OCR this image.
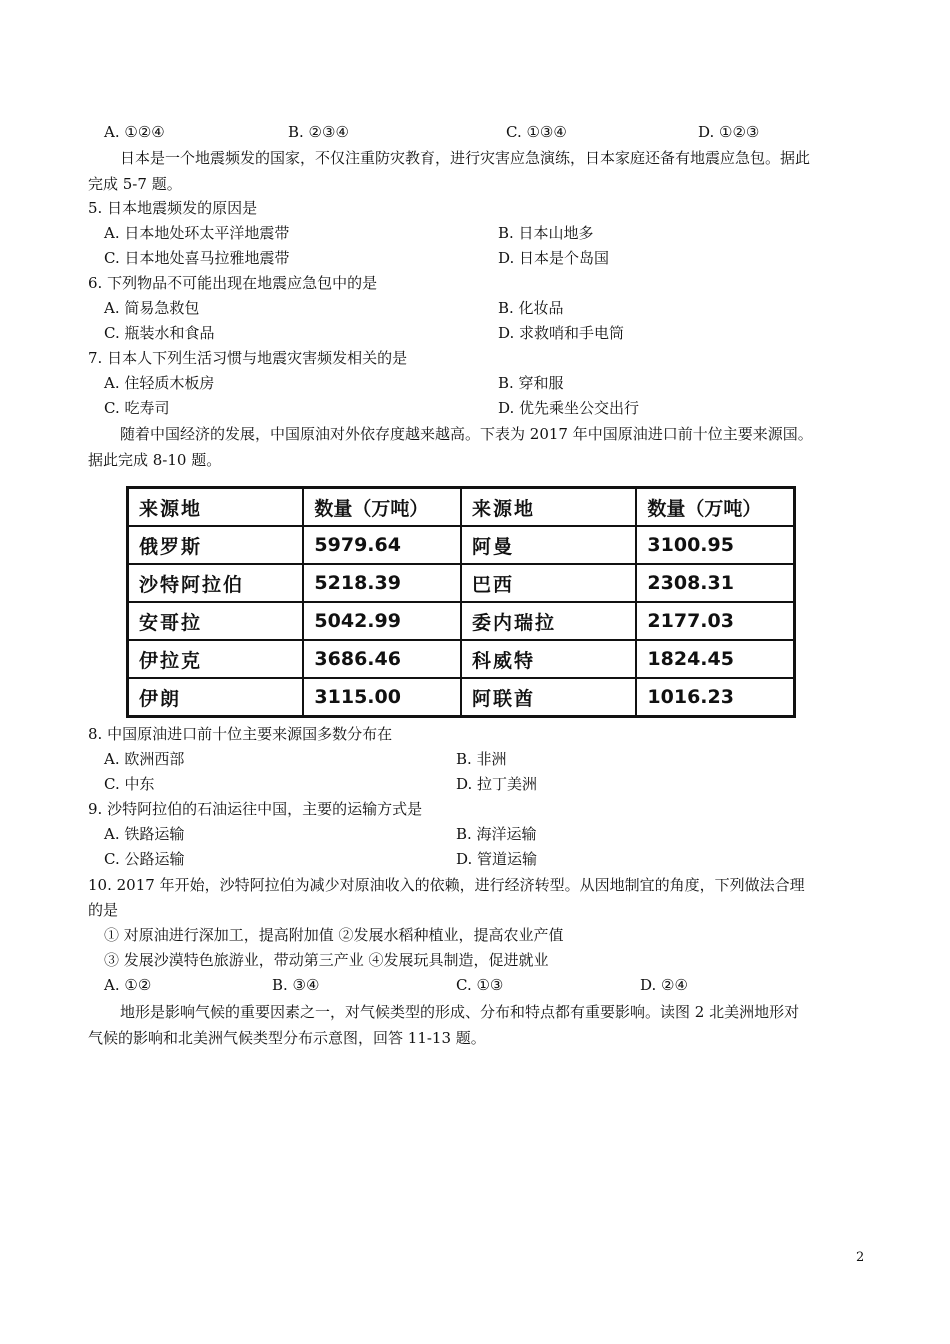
A. ①②④	B. ②③④	C. ①③④	D. ①②③
日本是一个地震频发的国家，不仅注重防灾教育，进行灾害应急演练，日本家庭还备有地震应急包。据此
完成 5-7 题。
5. 日本地震频发的原因是
A. 日本地处环太平洋地震带	B. 日本山地多
C. 日本地处喜马拉雅地震带	D. 日本是个岛国
6. 下列物品不可能出现在地震应急包中的是
A. 简易急救包	B. 化妆品
C. 瓶装水和食品	D. 求救哨和手电筒
7. 日本人下列生活习惯与地震灾害频发相关的是
A. 住轻质木板房	B. 穿和服
C. 吃寿司	D. 优先乘坐公交出行
随着中国经济的发展，中国原油对外依存度越来越高。下表为 2017 年中国原油进口前十位主要来源国。
据此完成 8-10 题。
来源地	数量（万吨）	来源地	数量（万吨）
俄罗斯	5979.64	阿曼	3100.95
沙特阿拉伯	5218.39	巴西	2308.31
安哥拉	5042.99	委内瑞拉	2177.03
伊拉克	3686.46	科威特	1824.45
伊朗	3115.00	阿联酋	1016.23
8. 中国原油进口前十位主要来源国多数分布在
A. 欧洲西部	B. 非洲
C. 中东	D. 拉丁美洲
9. 沙特阿拉伯的石油运往中国，主要的运输方式是
A. 铁路运输	B. 海洋运输
C. 公路运输	D. 管道运输
10. 2017 年开始，沙特阿拉伯为减少对原油收入的依赖，进行经济转型。从因地制宜的角度，下列做法合理
的是
① 对原油进行深加工，提高附加值 ②发展水稻种植业，提高农业产值
③ 发展沙漠特色旅游业，带动第三产业 ④发展玩具制造，促进就业
A. ①②	B. ③④	C. ①③	D. ②④
地形是影响气候的重要因素之一，对气候类型的形成、分布和特点都有重要影响。读图 2 北美洲地形对
气候的影响和北美洲气候类型分布示意图，回答 11-13 题。
2
